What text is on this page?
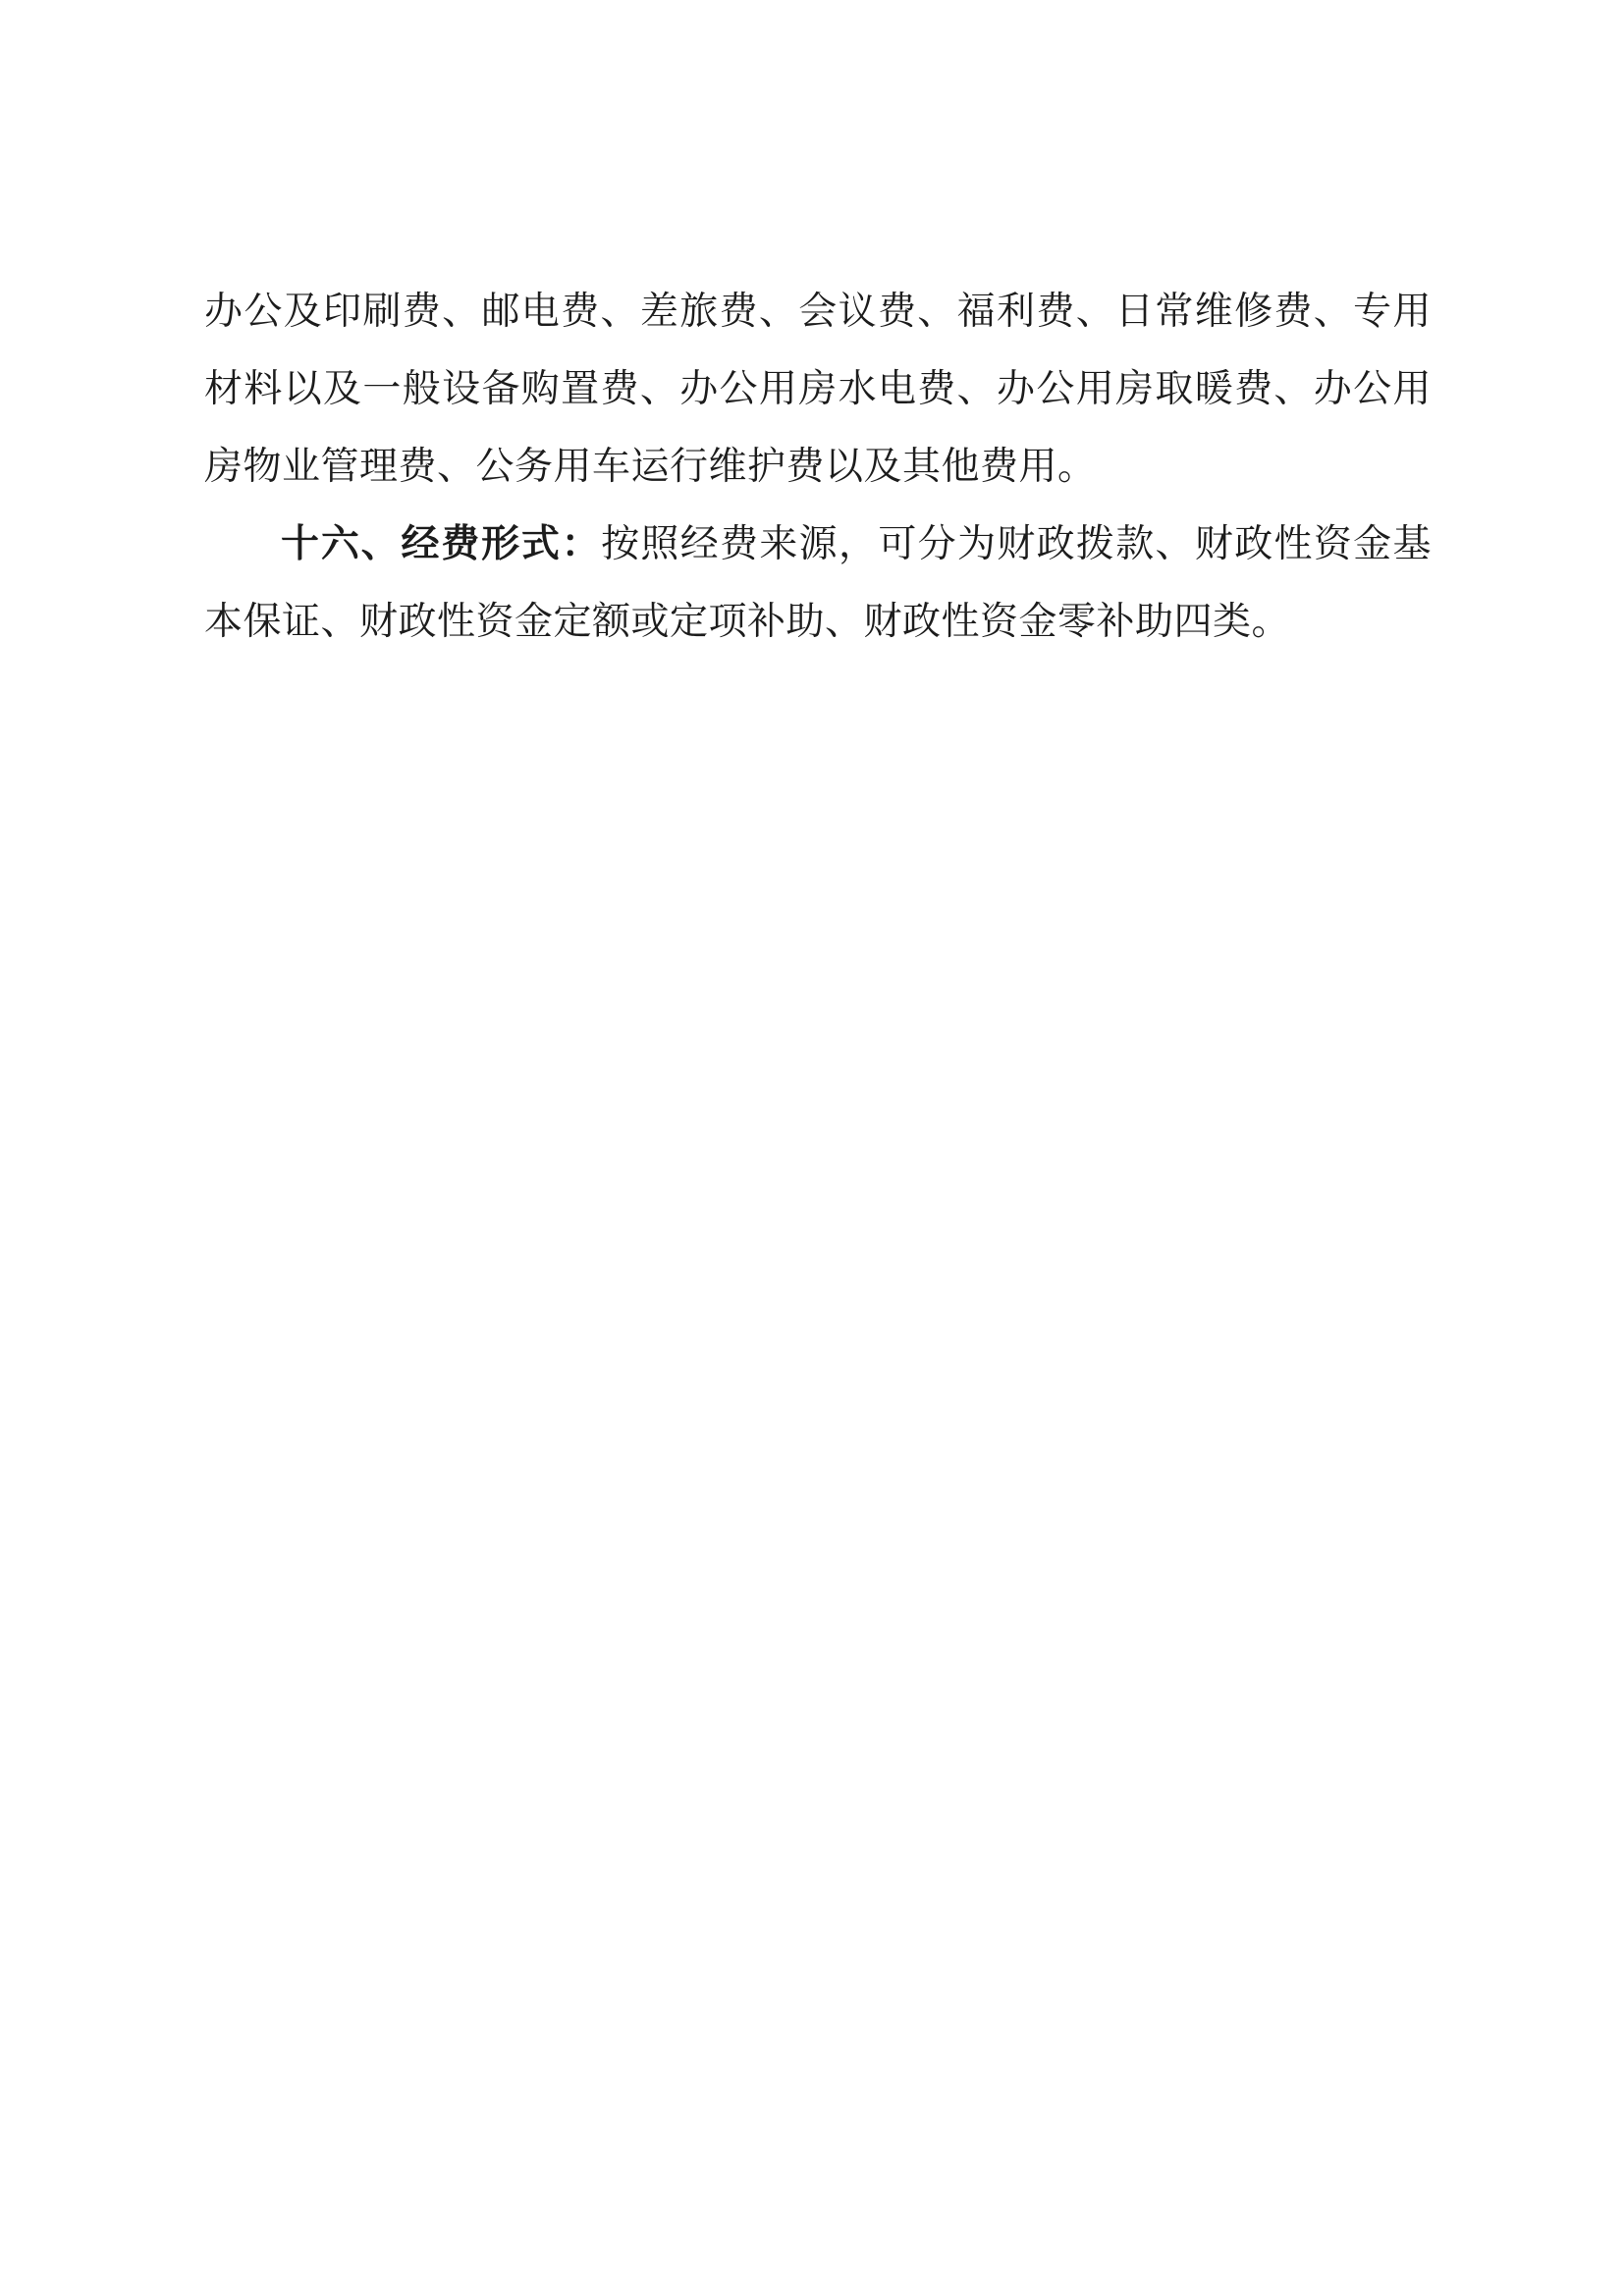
办公及印刷费、邮电费、差旅费、会议费、福利费、日常维修费、专用材料以及一般设备购置费、办公用房水电费、办公用房取暖费、办公用房物业管理费、公务用车运行维护费以及其他费用。

十六、经费形式：按照经费来源，可分为财政拨款、财政性资金基本保证、财政性资金定额或定项补助、财政性资金零补助四类。
